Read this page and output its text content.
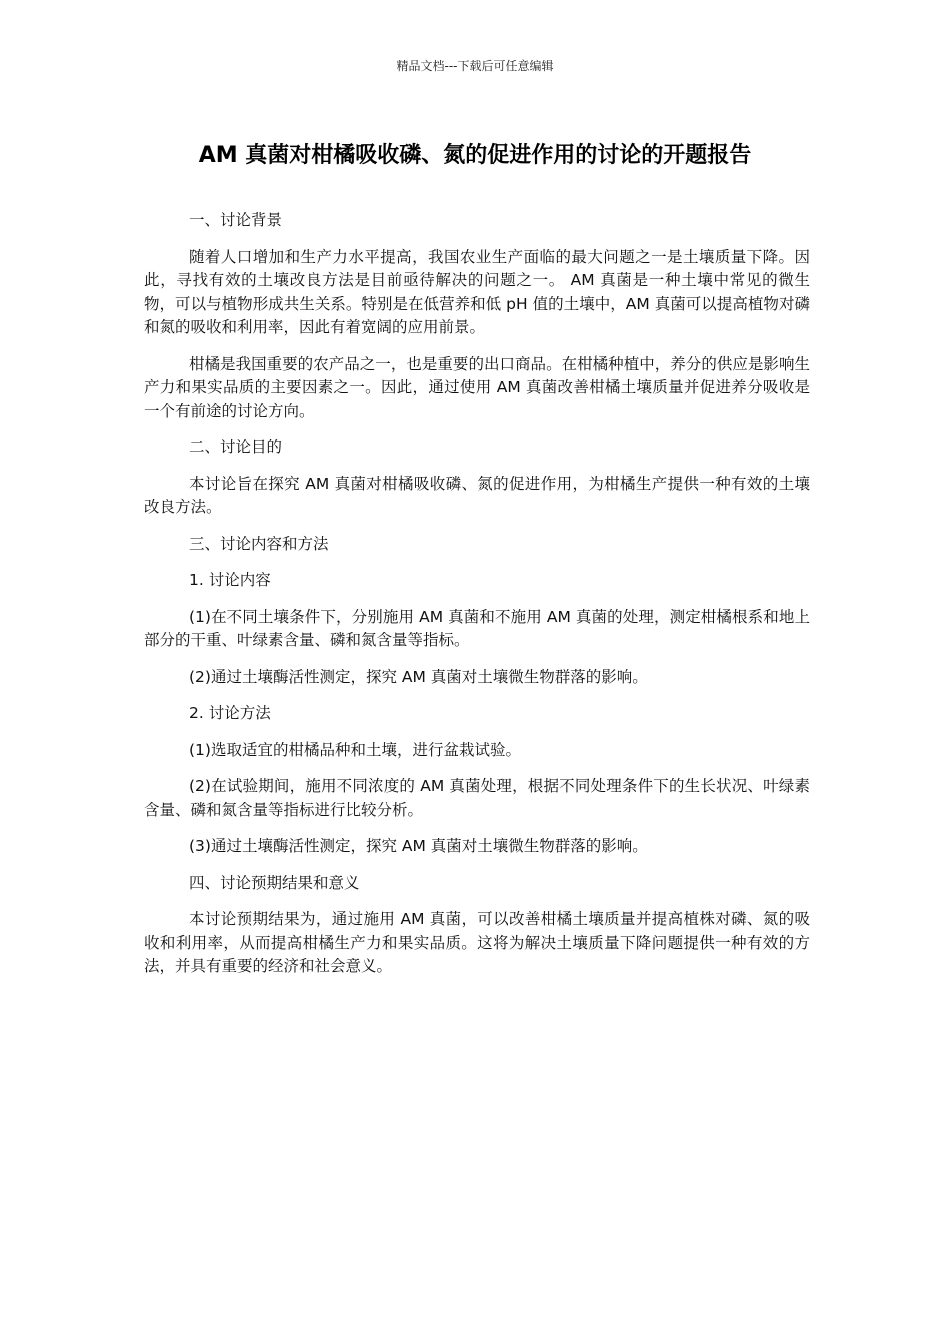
精品文档---下载后可任意编辑
AM 真菌对柑橘吸收磷、氮的促进作用的讨论的开题报告

一、讨论背景

随着人口增加和生产力水平提高，我国农业生产面临的最大问题之一是土壤质量下降。因此，寻找有效的土壤改良方法是目前亟待解决的问题之一。 AM 真菌是一种土壤中常见的微生物，可以与植物形成共生关系。特别是在低营养和低 pH 值的土壤中，AM 真菌可以提高植物对磷和氮的吸收和利用率，因此有着宽阔的应用前景。

柑橘是我国重要的农产品之一，也是重要的出口商品。在柑橘种植中，养分的供应是影响生产力和果实品质的主要因素之一。因此，通过使用 AM 真菌改善柑橘土壤质量并促进养分吸收是一个有前途的讨论方向。

二、讨论目的

本讨论旨在探究 AM 真菌对柑橘吸收磷、氮的促进作用，为柑橘生产提供一种有效的土壤改良方法。

三、讨论内容和方法

1. 讨论内容

(1)在不同土壤条件下，分别施用 AM 真菌和不施用 AM 真菌的处理，测定柑橘根系和地上部分的干重、叶绿素含量、磷和氮含量等指标。

(2)通过土壤酶活性测定，探究 AM 真菌对土壤微生物群落的影响。

2. 讨论方法

(1)选取适宜的柑橘品种和土壤，进行盆栽试验。

(2)在试验期间，施用不同浓度的 AM 真菌处理，根据不同处理条件下的生长状况、叶绿素含量、磷和氮含量等指标进行比较分析。

(3)通过土壤酶活性测定，探究 AM 真菌对土壤微生物群落的影响。

四、讨论预期结果和意义

本讨论预期结果为，通过施用 AM 真菌，可以改善柑橘土壤质量并提高植株对磷、氮的吸收和利用率，从而提高柑橘生产力和果实品质。这将为解决土壤质量下降问题提供一种有效的方法，并具有重要的经济和社会意义。
